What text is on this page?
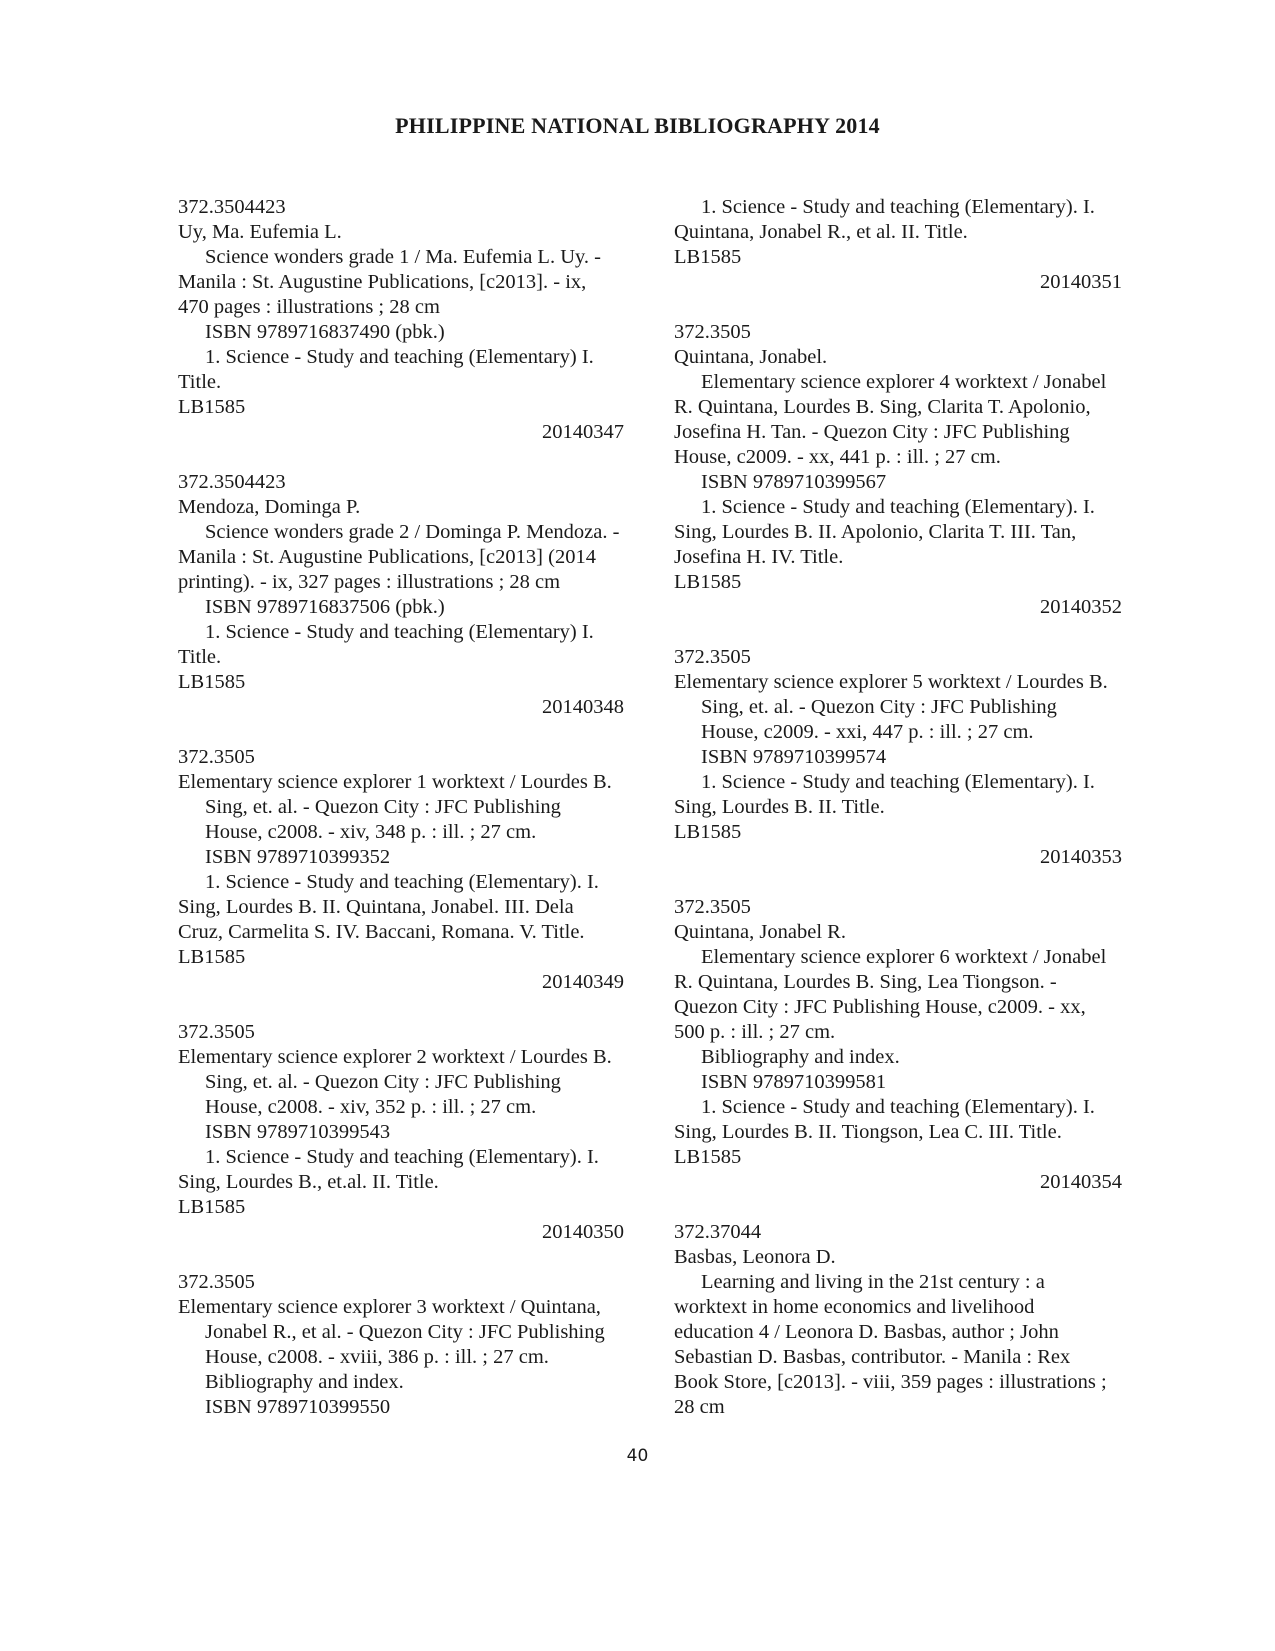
PHILIPPINE NATIONAL BIBLIOGRAPHY 2014
372.3504423
Uy, Ma. Eufemia L.
Science wonders grade 1 / Ma. Eufemia L. Uy. -
Manila : St. Augustine Publications, [c2013]. - ix,
470 pages : illustrations ; 28 cm
ISBN 9789716837490 (pbk.)
1. Science - Study and teaching (Elementary) I.
Title.
LB1585
20140347
372.3504423
Mendoza, Dominga P.
Science wonders grade 2 / Dominga P. Mendoza. -
Manila : St. Augustine Publications, [c2013] (2014
printing). - ix, 327 pages : illustrations ; 28 cm
ISBN 9789716837506 (pbk.)
1. Science - Study and teaching (Elementary) I.
Title.
LB1585
20140348
372.3505
Elementary science explorer 1 worktext / Lourdes B.
Sing, et. al. - Quezon City : JFC Publishing
House, c2008. - xiv, 348 p. : ill. ; 27 cm.
ISBN 9789710399352
1. Science - Study and teaching (Elementary). I.
Sing, Lourdes B. II. Quintana, Jonabel. III. Dela
Cruz, Carmelita S. IV. Baccani, Romana. V. Title.
LB1585
20140349
372.3505
Elementary science explorer 2 worktext / Lourdes B.
Sing, et. al. - Quezon City : JFC Publishing
House, c2008. - xiv, 352 p. : ill. ; 27 cm.
ISBN 9789710399543
1. Science - Study and teaching (Elementary). I.
Sing, Lourdes B., et.al. II. Title.
LB1585
20140350
372.3505
Elementary science explorer 3 worktext / Quintana,
Jonabel R., et al. - Quezon City : JFC Publishing
House, c2008. - xviii, 386 p. : ill. ; 27 cm.
Bibliography and index.
ISBN 9789710399550
1. Science - Study and teaching (Elementary). I.
Quintana, Jonabel R., et al. II. Title.
LB1585
20140351
372.3505
Quintana, Jonabel.
Elementary science explorer 4 worktext / Jonabel
R. Quintana, Lourdes B. Sing, Clarita T. Apolonio,
Josefina H. Tan. - Quezon City : JFC Publishing
House, c2009. - xx, 441 p. : ill. ; 27 cm.
ISBN 9789710399567
1. Science - Study and teaching (Elementary). I.
Sing, Lourdes B. II. Apolonio, Clarita T. III. Tan,
Josefina H. IV. Title.
LB1585
20140352
372.3505
Elementary science explorer 5 worktext / Lourdes B.
Sing, et. al. - Quezon City : JFC Publishing
House, c2009. - xxi, 447 p. : ill. ; 27 cm.
ISBN 9789710399574
1. Science - Study and teaching (Elementary). I.
Sing, Lourdes B. II. Title.
LB1585
20140353
372.3505
Quintana, Jonabel R.
Elementary science explorer 6 worktext / Jonabel
R. Quintana, Lourdes B. Sing, Lea Tiongson. -
Quezon City : JFC Publishing House, c2009. - xx,
500 p. : ill. ; 27 cm.
Bibliography and index.
ISBN 9789710399581
1. Science - Study and teaching (Elementary). I.
Sing, Lourdes B. II. Tiongson, Lea C. III. Title.
LB1585
20140354
372.37044
Basbas, Leonora D.
Learning and living in the 21st century : a
worktext in home economics and livelihood
education 4 / Leonora D. Basbas, author ; John
Sebastian D. Basbas, contributor. - Manila : Rex
Book Store, [c2013]. - viii, 359 pages : illustrations ;
28 cm
40
